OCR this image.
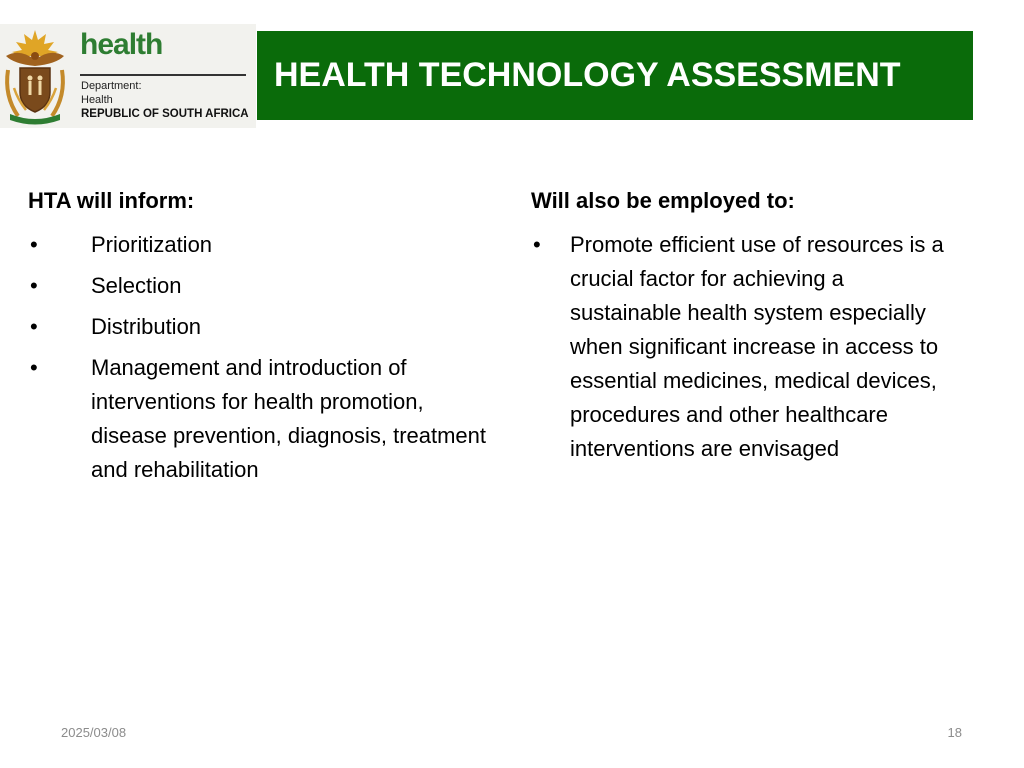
health
Department:
Health
REPUBLIC OF SOUTH AFRICA
HEALTH TECHNOLOGY ASSESSMENT
HTA will inform:
• Prioritization
• Selection
• Distribution
• Management and introduction of interventions for health promotion, disease prevention, diagnosis, treatment and rehabilitation
Will also be employed to:
• Promote efficient use of resources is a crucial factor for achieving a sustainable health system especially when significant increase in access to essential medicines, medical devices, procedures and other healthcare interventions are envisaged
2025/03/08	18
